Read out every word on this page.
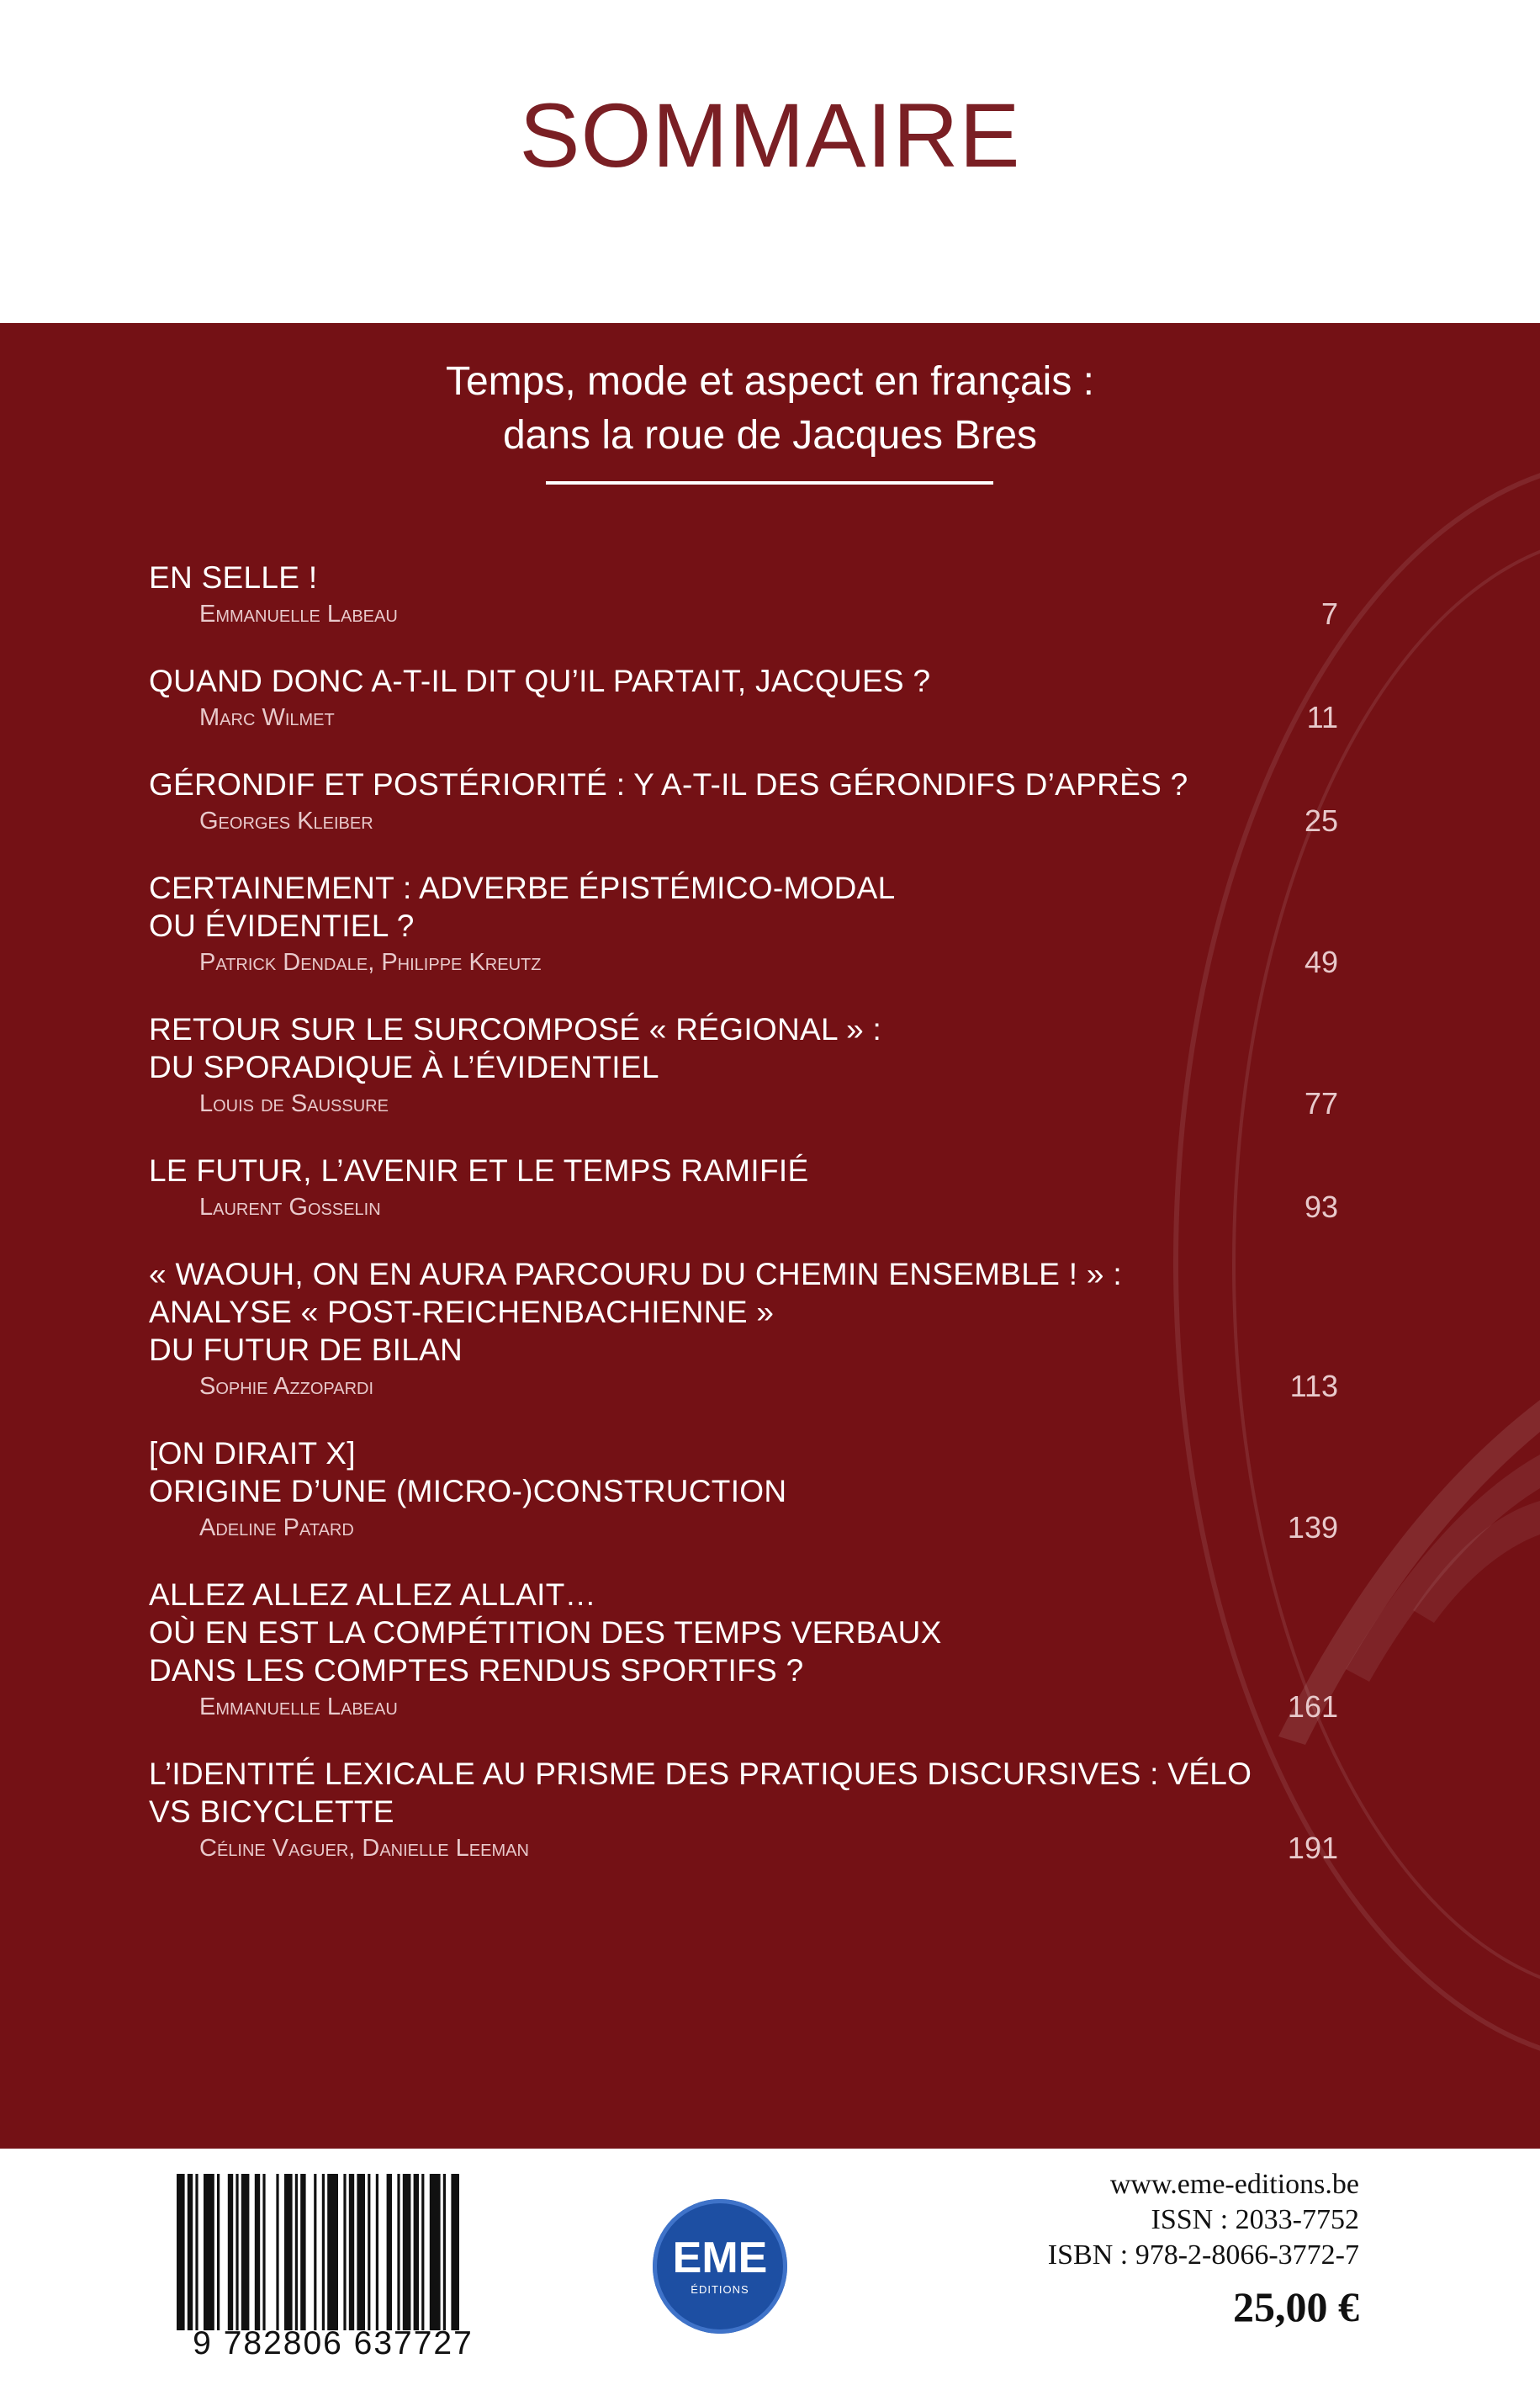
SOMMAIRE
Temps, mode et aspect en français :
dans la roue de Jacques Bres
EN SELLE !
Emmanuelle Labeau	7
QUAND DONC A-T-IL DIT QU’IL PARTAIT, JACQUES ?
Marc Wilmet	11
GÉRONDIF ET POSTÉRIORITÉ : Y A-T-IL DES GÉRONDIFS D’APRÈS ?
Georges Kleiber	25
CERTAINEMENT : ADVERBE ÉPISTÉMICO-MODAL
OU ÉVIDENTIEL ?
Patrick Dendale, Philippe Kreutz	49
RETOUR SUR LE SURCOMPOSÉ « RÉGIONAL » :
DU SPORADIQUE À L’ÉVIDENTIEL
Louis de Saussure	77
LE FUTUR, L’AVENIR ET LE TEMPS RAMIFIÉ
Laurent Gosselin	93
« WAOUH, ON EN AURA PARCOURU DU CHEMIN ENSEMBLE ! » :
ANALYSE « POST-REICHENBACHIENNE »
DU FUTUR DE BILAN
Sophie Azzopardi	113
[ON DIRAIT X]
ORIGINE D’UNE (MICRO-)CONSTRUCTION
Adeline Patard	139
ALLEZ ALLEZ ALLEZ ALLAIT…
OÙ EN EST LA COMPÉTITION DES TEMPS VERBAUX
DANS LES COMPTES RENDUS SPORTIFS ?
Emmanuelle Labeau	161
L’IDENTITÉ LEXICALE AU PRISME DES PRATIQUES DISCURSIVES : VÉLO
VS BICYCLETTE
Céline Vaguer, Danielle Leeman	191
9 782806 637727
EME
ÉDITIONS
www.eme-editions.be
ISSN : 2033-7752
ISBN : 978-2-8066-3772-7
25,00 €
